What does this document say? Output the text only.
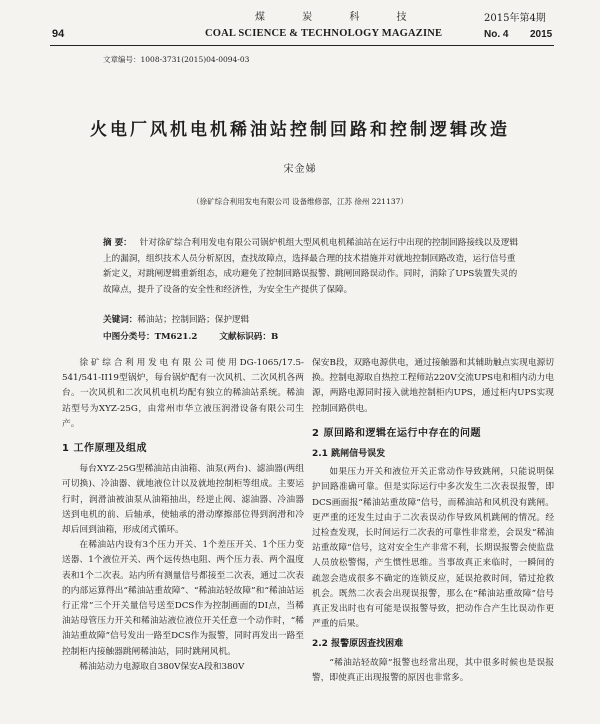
煤 炭 科 技	2015年第4期
94	COAL SCIENCE & TECHNOLOGY MAGAZINE	No. 4 2015
文章编号：1008-3731(2015)04-0094-03
火电厂风机电机稀油站控制回路和控制逻辑改造
宋金娣
（徐矿综合利用发电有限公司 设备维修部，江苏 徐州 221137）
摘 要： 针对徐矿综合利用发电有限公司锅炉机组大型风机电机稀油站在运行中出现的控制回路接线以及逻辑上的漏洞，组织技术人员分析原因，查找故障点，选择最合理的技术措施并对就地控制回路改造，运行信号重新定义，对跳闸逻辑重新组态，成功避免了控制回路误报警、跳闸回路误动作。同时，消除了UPS装置失灵的故障点，提升了设备的安全性和经济性，为安全生产提供了保障。
关键词：稀油站；控制回路；保护逻辑
中图分类号：TM621.2	文献标识码：B

徐矿综合利用发电有限公司使用DG-1065/17.5-541/541-II19型锅炉，每台锅炉配有一次风机、二次风机各两台。一次风机和二次风机电机均配有独立的稀油站系统。稀油站型号为XYZ-25G，由常州市华立液压润滑设备有限公司生产。

1 工作原理及组成

每台XYZ-25G型稀油站由油箱、油泵(两台)、滤油器(两组可切换)、冷油器、就地液位计以及就地控制柜等组成。主要运行时，润滑油被油泵从油箱抽出，经逆止阀、滤油器、冷油器送到电机的前、后轴承，使轴承的滑动摩擦部位得到润滑和冷却后回到油箱，形成闭式循环。

在稀油站内设有3个压力开关、1个差压开关、1个压力变送器、1个液位开关、两个远传热电阻、两个压力表、两个温度表和1个二次表。站内所有测量信号都接至二次表，通过二次表的内部运算得出“稀油站重故障”、“稀油站轻故障”和“稀油站运行正常”三个开关量信号送至DCS作为控制画面的DI点，当稀油站母管压力开关和稀油站液位液位开关任意一个动作时，“稀油站重故障”信号发出一路至DCS作为报警，同时再发出一路至控制柜内接触器跳闸稀油站，同时跳闸风机。

稀油站动力电源取自380V保安A段和380V

保安B段，双路电源供电，通过接触器和其辅助触点实现电源切换。控制电源取自热控工程师站220V交流UPS电和相内动力电源，两路电源同时接入就地控制柜内UPS，通过柜内UPS实现控制回路供电。

2 原回路和逻辑在运行中存在的问题
2.1 跳闸信号误发

如果压力开关和液位开关正常动作导致跳闸，只能说明保护回路准确可靠。但是实际运行中多次发生二次表误报警，即DCS画面报“稀油站重故障”信号，而稀油站和风机没有跳闸。更严重的还发生过由于二次表误动作导致风机跳闸的情况。经过检查发现，长时间运行二次表的可靠性非常差，会误发“稀油站重故障”信号，这对安全生产非常不利，长期误报警会使监盘人员放松警惕，产生惯性思维。当事故真正来临时，一瞬间的疏忽会造成很多不确定的连锁反应，延误抢救时间，错过抢救机会。既然二次表会出现误报警，那么在“稀油站重故障”信号真正发出时也有可能是误报警导致，把动作合产生比误动作更严重的后果。

2.2 报警原因查找困难

“稀油站轻故障”报警也经常出现，其中很多时候也是误报警，即使真正出现报警的原因也非常多。
